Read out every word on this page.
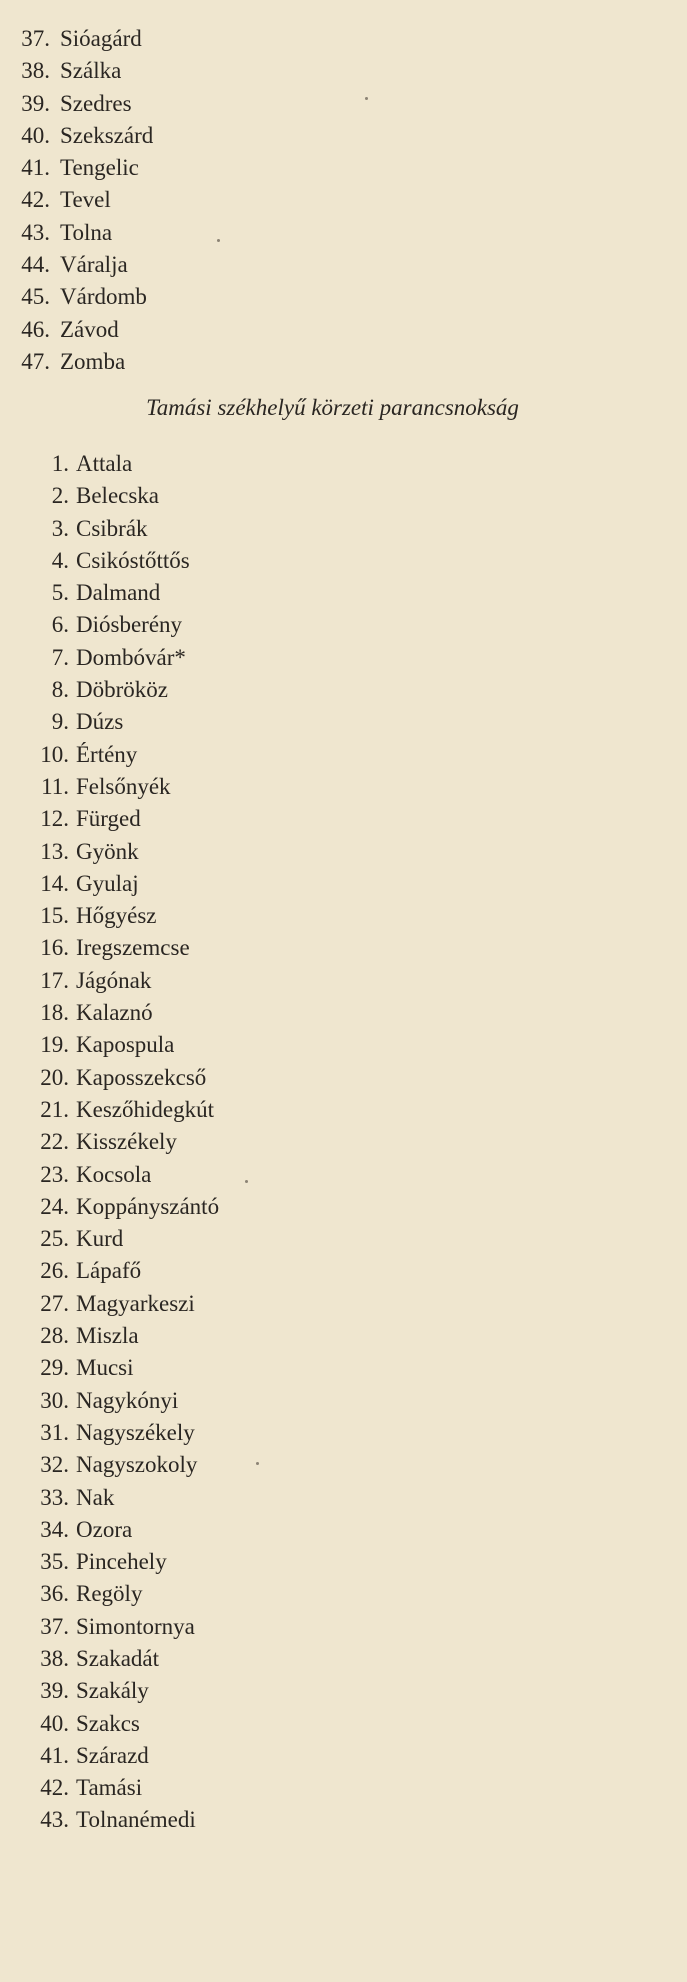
37. Sióagárd
38. Szálka
39. Szedres
40. Szekszárd
41. Tengelic
42. Tevel
43. Tolna
44. Váralja
45. Várdomb
46. Závod
47. Zomba
Tamási székhelyű körzeti parancsnokság
1. Attala
2. Belecska
3. Csibrák
4. Csikóstőttős
5. Dalmand
6. Diósberény
7. Dombóvár*
8. Döbrököz
9. Dúzs
10. Értény
11. Felsőnyék
12. Fürged
13. Gyönk
14. Gyulaj
15. Hőgyész
16. Iregszemcse
17. Jágónak
18. Kalaznó
19. Kapospula
20. Kaposszekcső
21. Keszőhidegkút
22. Kisszékely
23. Kocsola
24. Koppányszántó
25. Kurd
26. Lápafő
27. Magyarkeszi
28. Miszla
29. Mucsi
30. Nagykónyi
31. Nagyszékely
32. Nagyszokoly
33. Nak
34. Ozora
35. Pincehely
36. Regöly
37. Simontornya
38. Szakadát
39. Szakály
40. Szakcs
41. Szárazd
42. Tamási
43. Tolnanémedi
